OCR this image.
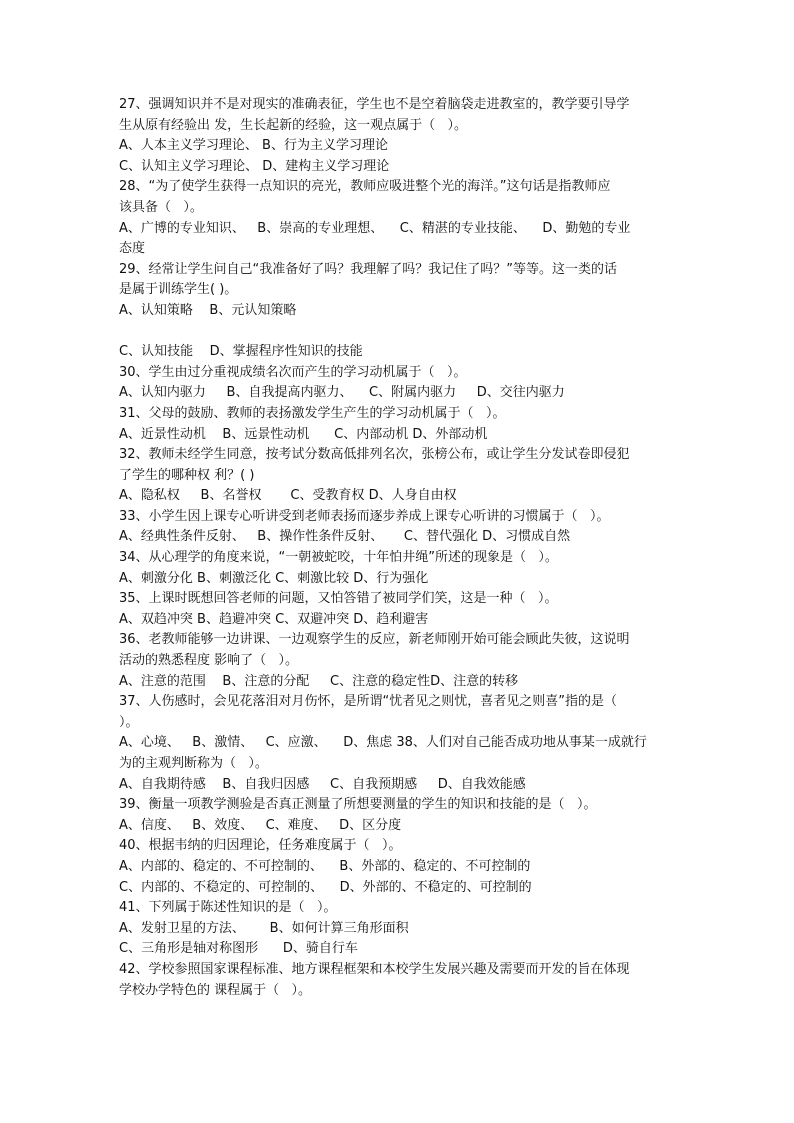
27、强调知识并不是对现实的准确表征，学生也不是空着脑袋走进教室的，教学要引导学
生从原有经验出 发，生长起新的经验，这一观点属于（   ）。
A、人本主义学习理论、 B、行为主义学习理论
C、认知主义学习理论、 D、建构主义学习理论
28、“为了使学生获得一点知识的亮光，教师应吸进整个光的海洋。”这句话是指教师应
该具备（   ）。
A、广博的专业知识、   B、崇高的专业理想、    C、精湛的专业技能、    D、勤勉的专业
态度
29、经常让学生问自己“我准备好了吗？我理解了吗？我记住了吗？”等等。这一类的话
是属于训练学生( )。
A、认知策略    B、元认知策略
C、认知技能    D、掌握程序性知识的技能
30、学生由过分重视成绩名次而产生的学习动机属于（   ）。
A、认知内驱力     B、自我提高内驱力、    C、附属内驱力     D、交往内驱力
31、父母的鼓励、教师的表扬激发学生产生的学习动机属于（   ）。
A、近景性动机    B、远景性动机      C、内部动机 D、外部动机
32、教师未经学生同意，按考试分数高低排列名次，张榜公布，或让学生分发试卷即侵犯
了学生的哪种权 利？( )
A、隐私权     B、名誉权       C、受教育权 D、人身自由权
33、小学生因上课专心听讲受到老师表扬而逐步养成上课专心听讲的习惯属于（   ）。
A、经典性条件反射、   B、操作性条件反射、     C、替代强化 D、习惯成自然
34、从心理学的角度来说，“一朝被蛇咬，十年怕井绳”所述的现象是（   ）。
A、刺激分化 B、刺激泛化 C、刺激比较 D、行为强化
35、上课时既想回答老师的问题，又怕答错了被同学们笑，这是一种（   ）。
A、双趋冲突 B、趋避冲突 C、双避冲突 D、趋利避害
36、老教师能够一边讲课、一边观察学生的反应，新老师刚开始可能会顾此失彼，这说明
活动的熟悉程度 影响了（   ）。
A、注意的范围    B、注意的分配     C、注意的稳定性D、注意的转移
37、人伤感时，会见花落泪对月伤怀，是所谓“忧者见之则忧，喜者见之则喜”指的是（
）。
A、心境、   B、激情、   C、应激、    D、焦虑 38、人们对自己能否成功地从事某一成就行
为的主观判断称为（   ）。
A、自我期待感    B、自我归因感     C、自我预期感     D、自我效能感
39、衡量一项教学测验是否真正测量了所想要测量的学生的知识和技能的是（   ）。
A、信度、   B、效度、   C、难度、   D、区分度
40、根据韦纳的归因理论，任务难度属于（   ）。
A、内部的、稳定的、不可控制的、    B、外部的、稳定的、不可控制的
C、内部的、不稳定的、可控制的、    D、外部的、不稳定的、可控制的
41、下列属于陈述性知识的是（   ）。
A、发射卫星的方法、      B、如何计算三角形面积
C、三角形是轴对称图形      D、骑自行车
42、学校参照国家课程标准、地方课程框架和本校学生发展兴趣及需要而开发的旨在体现
学校办学特色的 课程属于（   ）。
